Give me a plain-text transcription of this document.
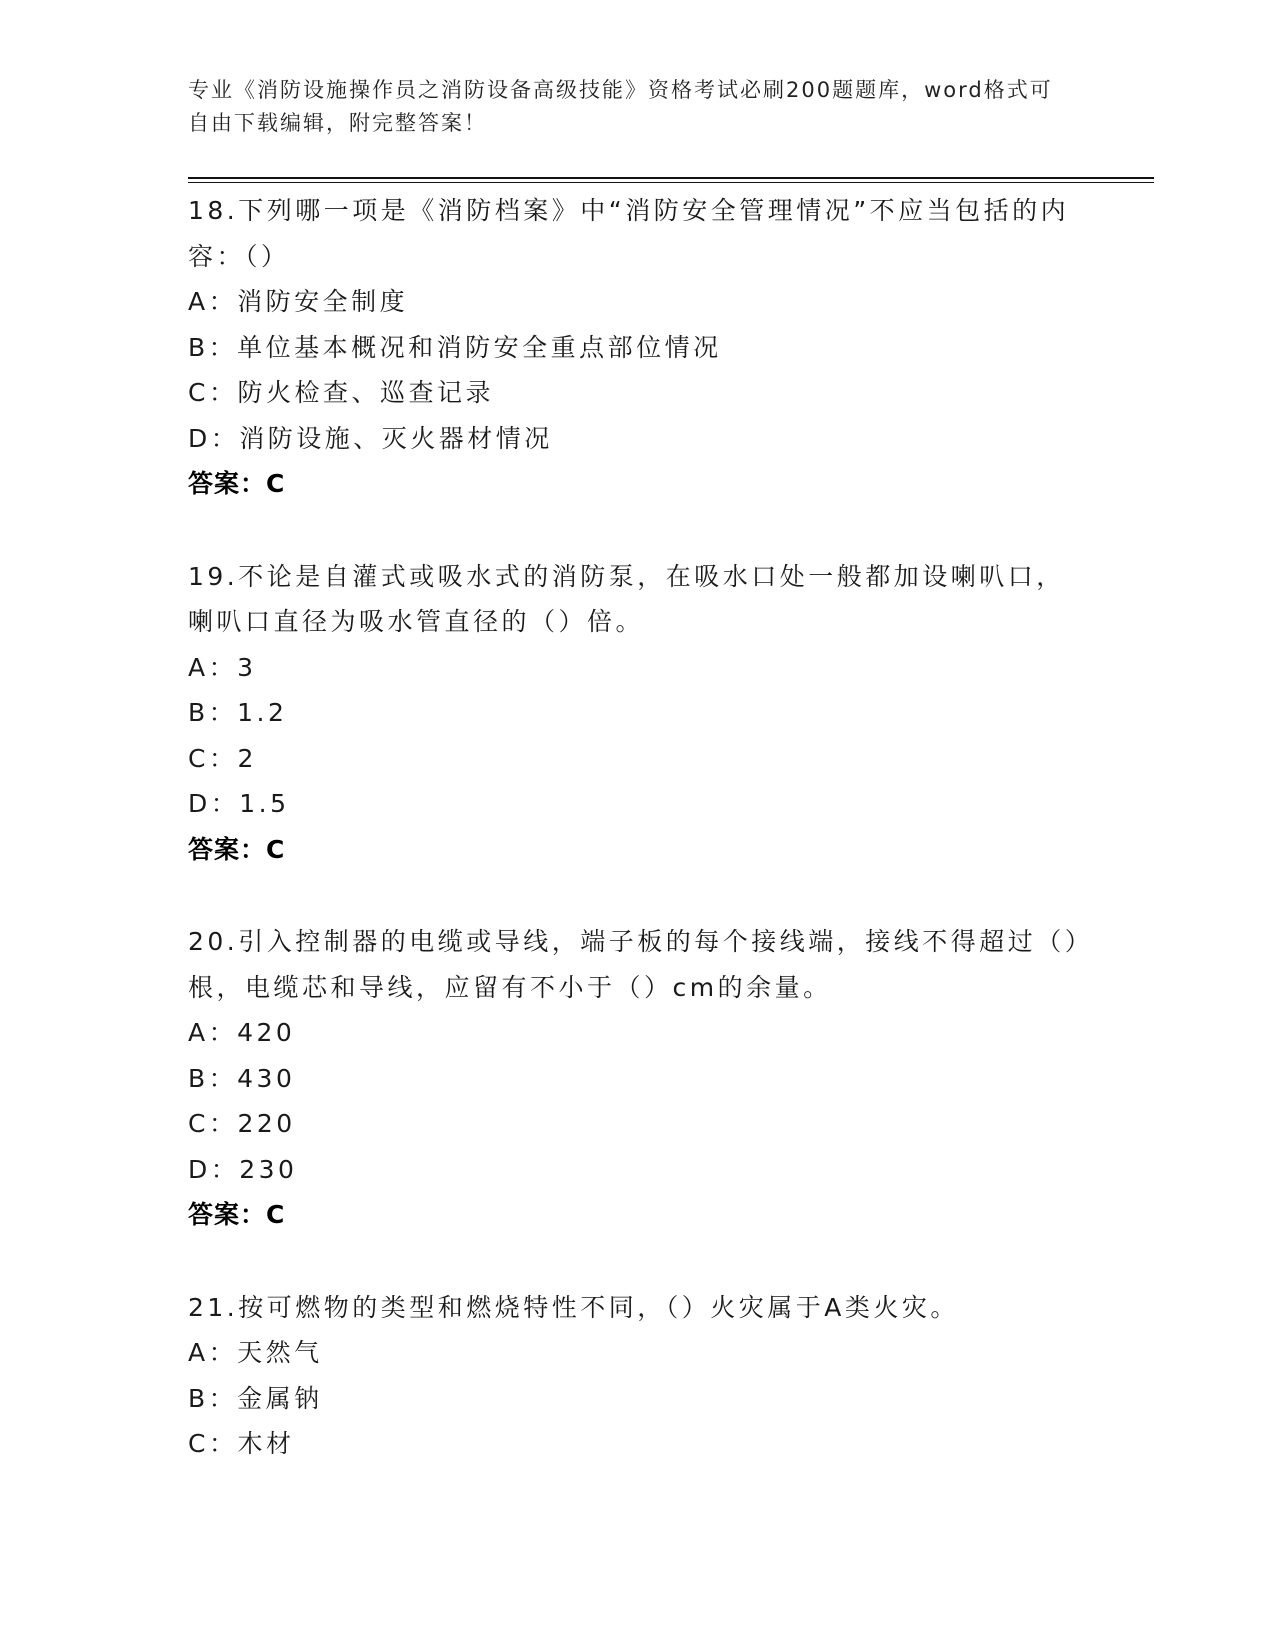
专业《消防设施操作员之消防设备高级技能》资格考试必刷200题题库，word格式可自由下载编辑，附完整答案！
18.下列哪一项是《消防档案》中“消防安全管理情况”不应当包括的内容：（）
A：消防安全制度
B：单位基本概况和消防安全重点部位情况
C：防火检查、巡查记录
D：消防设施、灭火器材情况
答案：C
19.不论是自灌式或吸水式的消防泵，在吸水口处一般都加设喇叭口，喇叭口直径为吸水管直径的（）倍。
A：3
B：1.2
C：2
D：1.5
答案：C
20.引入控制器的电缆或导线，端子板的每个接线端，接线不得超过（）根，电缆芯和导线，应留有不小于（）cm的余量。
A：420
B：430
C：220
D：230
答案：C
21.按可燃物的类型和燃烧特性不同，（）火灾属于A类火灾。
A：天然气
B：金属钠
C：木材
